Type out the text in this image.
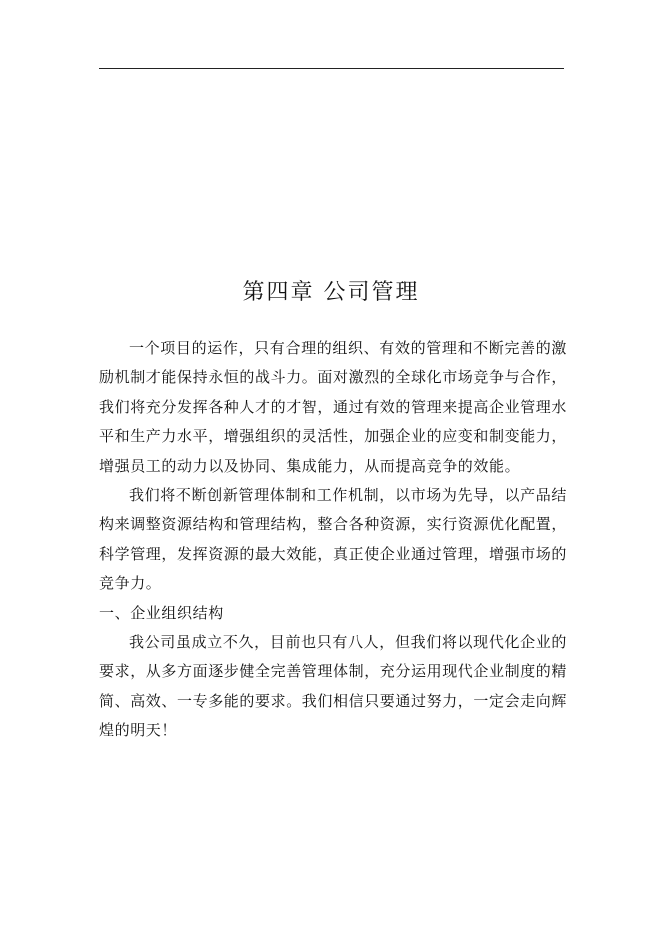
第四章 公司管理

一个项目的运作，只有合理的组织、有效的管理和不断完善的激励机制才能保持永恒的战斗力。面对激烈的全球化市场竞争与合作，我们将充分发挥各种人才的才智，通过有效的管理来提高企业管理水平和生产力水平，增强组织的灵活性，加强企业的应变和制变能力，增强员工的动力以及协同、集成能力，从而提高竞争的效能。

我们将不断创新管理体制和工作机制，以市场为先导，以产品结构来调整资源结构和管理结构，整合各种资源，实行资源优化配置，科学管理，发挥资源的最大效能，真正使企业通过管理，增强市场的竞争力。

一、企业组织结构

我公司虽成立不久，目前也只有八人，但我们将以现代化企业的要求，从多方面逐步健全完善管理体制，充分运用现代企业制度的精简、高效、一专多能的要求。我们相信只要通过努力，一定会走向辉煌的明天！
